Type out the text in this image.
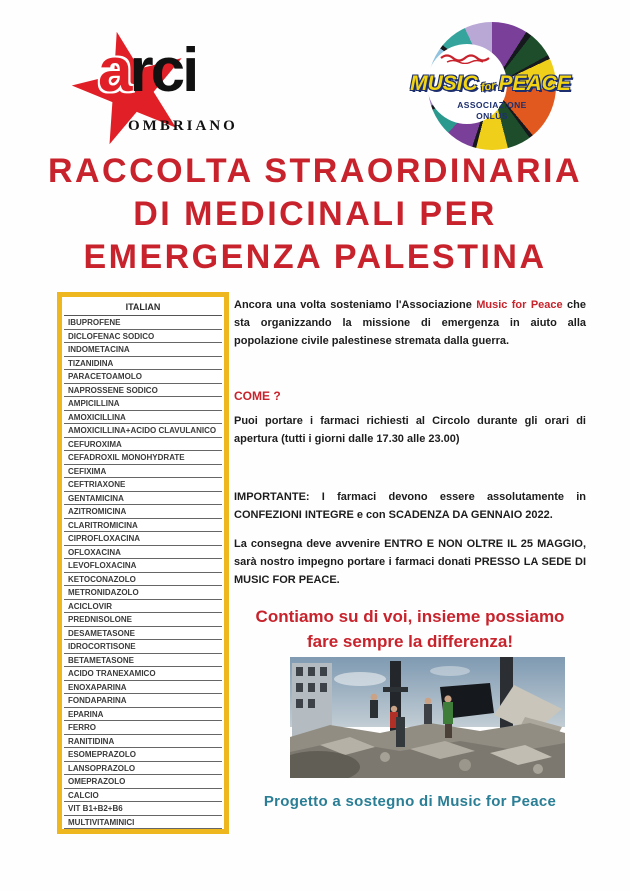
arci
OMBRIANO
MUSIC for PEACE
ASSOCIAZIONE
ONLUS
RACCOLTA STRAORDINARIA
DI MEDICINALI PER
EMERGENZA PALESTINA
ITALIAN
IBUPROFENE
DICLOFENAC SODICO
INDOMETACINA
TIZANIDINA
PARACETOAMOLO
NAPROSSENE SODICO
AMPICILLINA
AMOXICILLINA
AMOXICILLINA+ACIDO CLAVULANICO
CEFUROXIMA
CEFADROXIL MONOHYDRATE
CEFIXIMA
CEFTRIAXONE
GENTAMICINA
AZITROMICINA
CLARITROMICINA
CIPROFLOXACINA
OFLOXACINA
LEVOFLOXACINA
KETOCONAZOLO
METRONIDAZOLO
ACICLOVIR
PREDNISOLONE
DESAMETASONE
IDROCORTISONE
BETAMETASONE
ACIDO TRANEXAMICO
ENOXAPARINA
FONDAPARINA
EPARINA
FERRO
RANITIDINA
ESOMEPRAZOLO
LANSOPRAZOLO
OMEPRAZOLO
CALCIO
VIT B1+B2+B6
MULTIVITAMINICI

Ancora una volta sosteniamo l'Associazione Music for Peace che sta organizzando la missione di emergenza in aiuto alla popolazione civile palestinese stremata dalla guerra.

COME ?

Puoi portare i farmaci richiesti al Circolo durante gli orari di apertura (tutti i giorni dalle 17.30 alle 23.00)

IMPORTANTE: I farmaci devono essere assolutamente in CONFEZIONI INTEGRE e con SCADENZA DA GENNAIO 2022.

La consegna deve avvenire ENTRO E NON OLTRE IL 25 MAGGIO, sarà nostro impegno portare i farmaci donati PRESSO LA SEDE DI MUSIC FOR PEACE.

Contiamo su di voi, insieme possiamo
fare sempre la differenza!
Progetto a sostegno di Music for Peace
